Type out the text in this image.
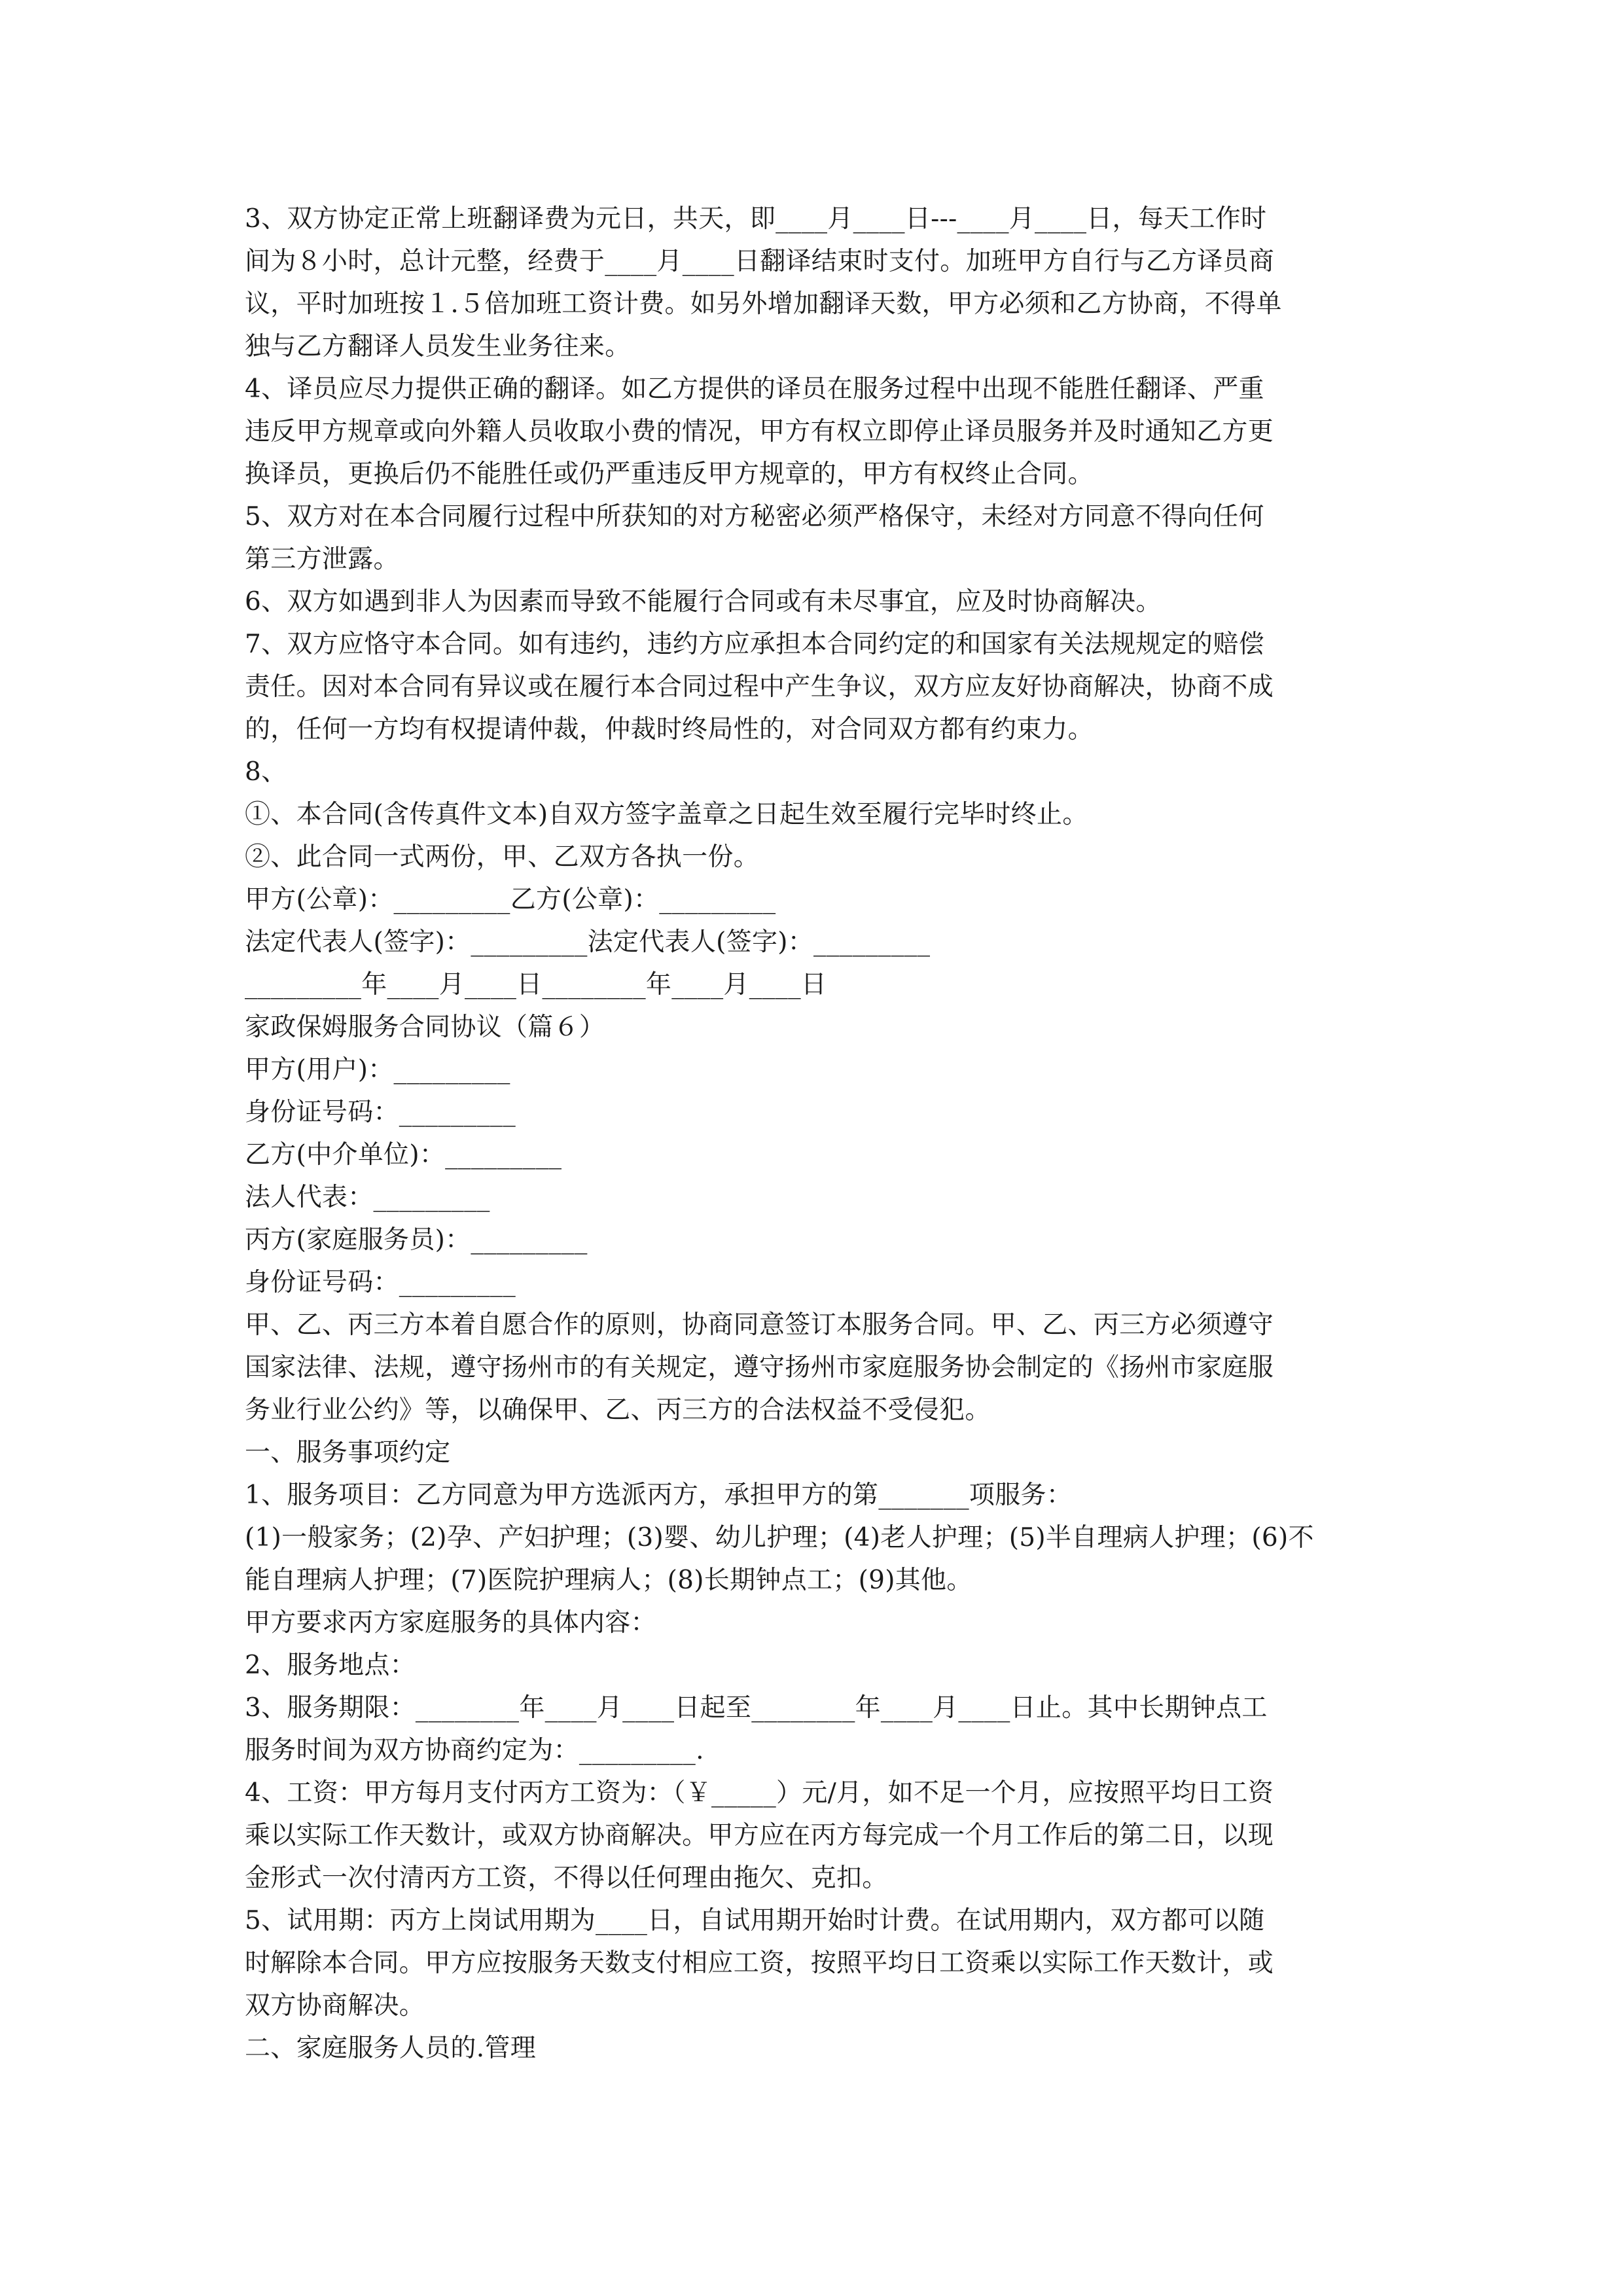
3、双方协定正常上班翻译费为元日，共天，即____月____日---____月____日，每天工作时
间为８小时，总计元整，经费于____月____日翻译结束时支付。加班甲方自行与乙方译员商
议，平时加班按１.５倍加班工资计费。如另外增加翻译天数，甲方必须和乙方协商，不得单
独与乙方翻译人员发生业务往来。
4、译员应尽力提供正确的翻译。如乙方提供的译员在服务过程中出现不能胜任翻译、严重
违反甲方规章或向外籍人员收取小费的情况，甲方有权立即停止译员服务并及时通知乙方更
换译员，更换后仍不能胜任或仍严重违反甲方规章的，甲方有权终止合同。
5、双方对在本合同履行过程中所获知的对方秘密必须严格保守，未经对方同意不得向任何
第三方泄露。
6、双方如遇到非人为因素而导致不能履行合同或有未尽事宜，应及时协商解决。
7、双方应恪守本合同。如有违约，违约方应承担本合同约定的和国家有关法规规定的赔偿
责任。因对本合同有异议或在履行本合同过程中产生争议，双方应友好协商解决，协商不成
的，任何一方均有权提请仲裁，仲裁时终局性的，对合同双方都有约束力。
8、
①、本合同(含传真件文本)自双方签字盖章之日起生效至履行完毕时终止。
②、此合同一式两份，甲、乙双方各执一份。
甲方(公章)：_________乙方(公章)：_________
法定代表人(签字)：_________法定代表人(签字)：_________
_________年____月____日________年____月____日
家政保姆服务合同协议（篇６）
甲方(用户)：_________
身份证号码：_________
乙方(中介单位)：_________
法人代表：_________
丙方(家庭服务员)：_________
身份证号码：_________
甲、乙、丙三方本着自愿合作的原则，协商同意签订本服务合同。甲、乙、丙三方必须遵守
国家法律、法规，遵守扬州市的有关规定，遵守扬州市家庭服务协会制定的《扬州市家庭服
务业行业公约》等，以确保甲、乙、丙三方的合法权益不受侵犯。
一、服务事项约定
1、服务项目：乙方同意为甲方选派丙方，承担甲方的第_______项服务：
(1)一般家务；(2)孕、产妇护理；(3)婴、幼儿护理；(4)老人护理；(5)半自理病人护理；(6)不
能自理病人护理；(7)医院护理病人；(8)长期钟点工；(9)其他。
甲方要求丙方家庭服务的具体内容：
2、服务地点：
3、服务期限：________年____月____日起至________年____月____日止。其中长期钟点工
服务时间为双方协商约定为：_________.
4、工资：甲方每月支付丙方工资为：（￥_____）元/月，如不足一个月，应按照平均日工资
乘以实际工作天数计，或双方协商解决。甲方应在丙方每完成一个月工作后的第二日，以现
金形式一次付清丙方工资，不得以任何理由拖欠、克扣。
5、试用期：丙方上岗试用期为____日，自试用期开始时计费。在试用期内，双方都可以随
时解除本合同。甲方应按服务天数支付相应工资，按照平均日工资乘以实际工作天数计，或
双方协商解决。
二、家庭服务人员的.管理
